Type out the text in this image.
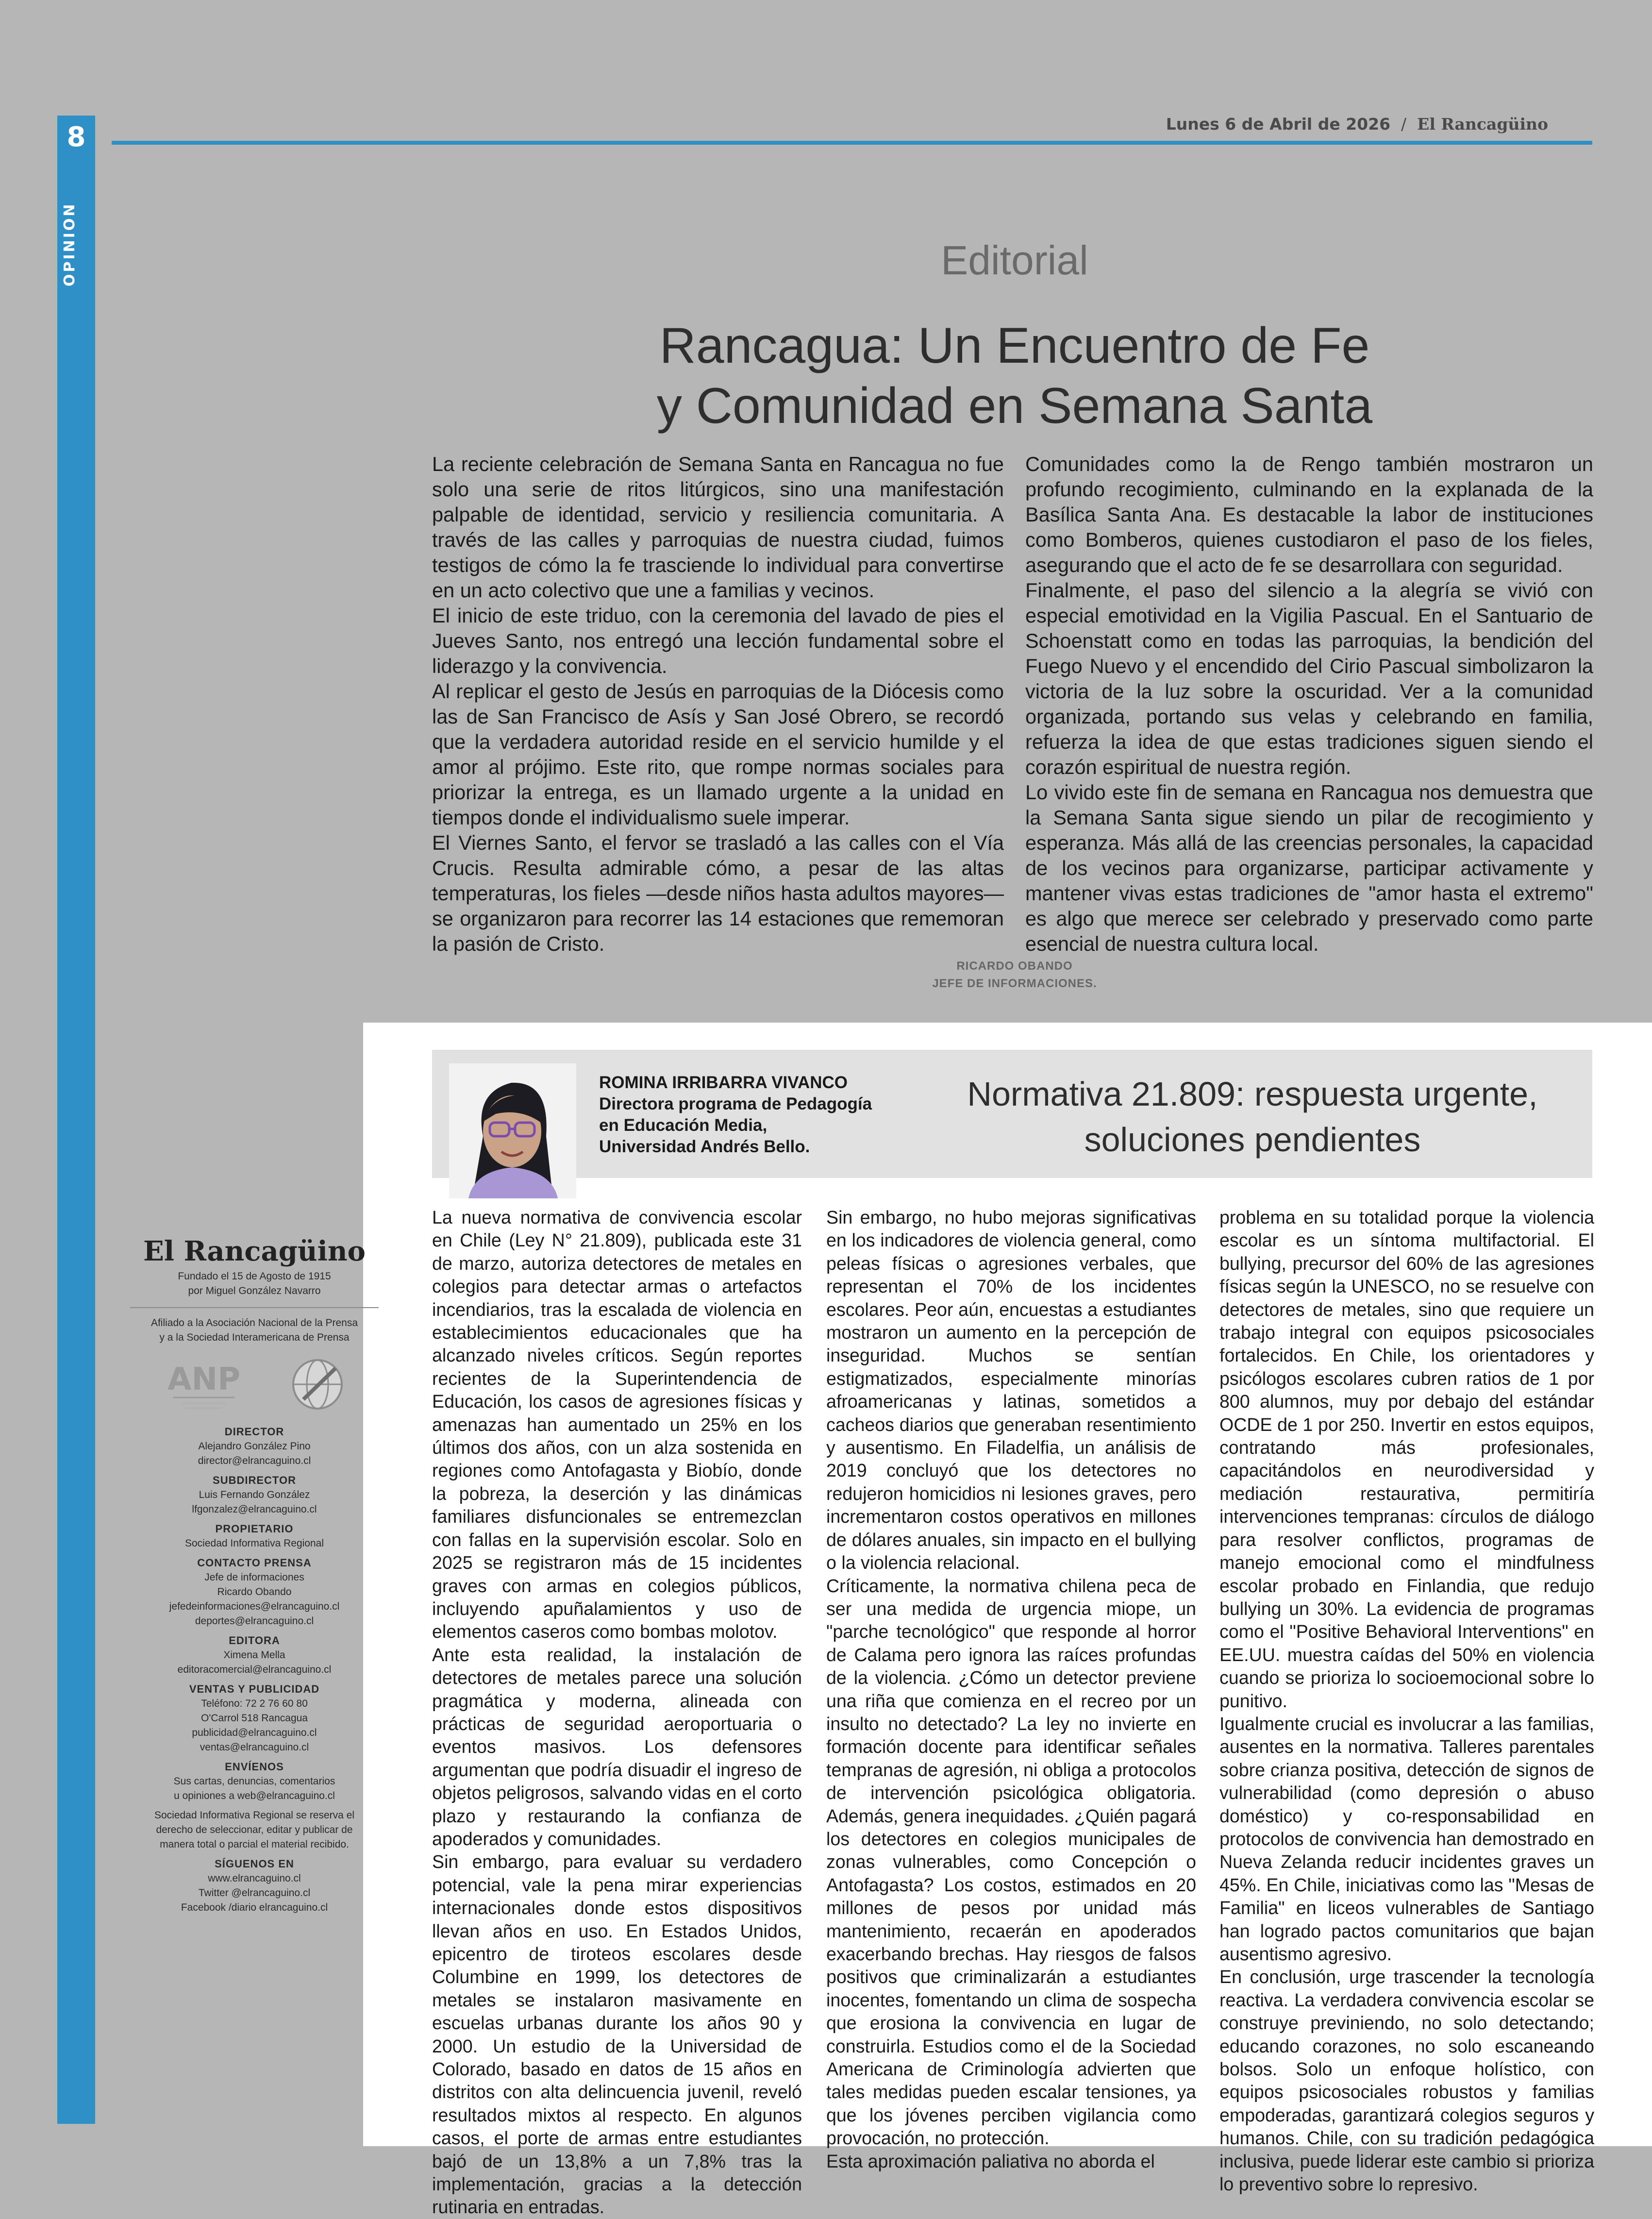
8	Lunes 6 de Abril de 2026 / El Rancagüino
Editorial
Rancagua: Un Encuentro de Fe
y Comunidad en Semana Santa

La reciente celebración de Semana Santa en Rancagua no fue solo una serie de ritos litúrgicos, sino una manifestación palpable de identidad, servicio y resiliencia comunitaria. A través de las calles y parroquias de nuestra ciudad, fuimos testigos de cómo la fe trasciende lo individual para convertirse en un acto colectivo que une a familias y vecinos.

El inicio de este triduo, con la ceremonia del lavado de pies el Jueves Santo, nos entregó una lección fundamental sobre el liderazgo y la convivencia.

Al replicar el gesto de Jesús en parroquias de la Diócesis como las de San Francisco de Asís y San José Obrero, se recordó que la verdadera autoridad reside en el servicio humilde y el amor al prójimo. Este rito, que rompe normas sociales para priorizar la entrega, es un llamado urgente a la unidad en tiempos donde el individualismo suele imperar.

El Viernes Santo, el fervor se trasladó a las calles con el Vía Crucis. Resulta admirable cómo, a pesar de las altas temperaturas, los fieles —desde niños hasta adultos mayores— se organizaron para recorrer las 14 estaciones que rememoran la pasión de Cristo.

Comunidades como la de Rengo también mostraron un profundo recogimiento, culminando en la explanada de la Basílica Santa Ana. Es destacable la labor de instituciones como Bomberos, quienes custodiaron el paso de los fieles, asegurando que el acto de fe se desarrollara con seguridad.

Finalmente, el paso del silencio a la alegría se vivió con especial emotividad en la Vigilia Pascual. En el Santuario de Schoenstatt como en todas las parroquias, la bendición del Fuego Nuevo y el encendido del Cirio Pascual simbolizaron la victoria de la luz sobre la oscuridad. Ver a la comunidad organizada, portando sus velas y celebrando en familia, refuerza la idea de que estas tradiciones siguen siendo el corazón espiritual de nuestra región.

Lo vivido este fin de semana en Rancagua nos demuestra que la Semana Santa sigue siendo un pilar de recogimiento y esperanza. Más allá de las creencias personales, la capacidad de los vecinos para organizarse, participar activamente y mantener vivas estas tradiciones de "amor hasta el extremo" es algo que merece ser celebrado y preservado como parte esencial de nuestra cultura local.

RICARDO OBANDO
JEFE DE INFORMACIONES.
ROMINA IRRIBARRA VIVANCO
Directora programa de Pedagogía
en Educación Media,
Universidad Andrés Bello.
Normativa 21.809: respuesta urgente,
soluciones pendientes

La nueva normativa de convivencia escolar en Chile (Ley N° 21.809), publicada este 31 de marzo, autoriza detectores de metales en colegios para detectar armas o artefactos incendiarios, tras la escalada de violencia en establecimientos educacionales que ha alcanzado niveles críticos. Según reportes recientes de la Superintendencia de Educación, los casos de agresiones físicas y amenazas han aumentado un 25% en los últimos dos años, con un alza sostenida en regiones como Antofagasta y Biobío, donde la pobreza, la deserción y las dinámicas familiares disfuncionales se entremezclan con fallas en la supervisión escolar. Solo en 2025 se registraron más de 15 incidentes graves con armas en colegios públicos, incluyendo apuñalamientos y uso de elementos caseros como bombas molotov.

Ante esta realidad, la instalación de detectores de metales parece una solución pragmática y moderna, alineada con prácticas de seguridad aeroportuaria o eventos masivos. Los defensores argumentan que podría disuadir el ingreso de objetos peligrosos, salvando vidas en el corto plazo y restaurando la confianza de apoderados y comunidades.

Sin embargo, para evaluar su verdadero potencial, vale la pena mirar experiencias internacionales donde estos dispositivos llevan años en uso. En Estados Unidos, epicentro de tiroteos escolares desde Columbine en 1999, los detectores de metales se instalaron masivamente en escuelas urbanas durante los años 90 y 2000. Un estudio de la Universidad de Colorado, basado en datos de 15 años en distritos con alta delincuencia juvenil, reveló resultados mixtos al respecto. En algunos casos, el porte de armas entre estudiantes bajó de un 13,8% a un 7,8% tras la implementación, gracias a la detección rutinaria en entradas.

Sin embargo, no hubo mejoras significativas en los indicadores de violencia general, como peleas físicas o agresiones verbales, que representan el 70% de los incidentes escolares. Peor aún, encuestas a estudiantes mostraron un aumento en la percepción de inseguridad. Muchos se sentían estigmatizados, especialmente minorías afroamericanas y latinas, sometidos a cacheos diarios que generaban resentimiento y ausentismo. En Filadelfia, un análisis de 2019 concluyó que los detectores no redujeron homicidios ni lesiones graves, pero incrementaron costos operativos en millones de dólares anuales, sin impacto en el bullying o la violencia relacional.

Críticamente, la normativa chilena peca de ser una medida de urgencia miope, un "parche tecnológico" que responde al horror de Calama pero ignora las raíces profundas de la violencia. ¿Cómo un detector previene una riña que comienza en el recreo por un insulto no detectado? La ley no invierte en formación docente para identificar señales tempranas de agresión, ni obliga a protocolos de intervención psicológica obligatoria. Además, genera inequidades. ¿Quién pagará los detectores en colegios municipales de zonas vulnerables, como Concepción o Antofagasta? Los costos, estimados en 20 millones de pesos por unidad más mantenimiento, recaerán en apoderados exacerbando brechas. Hay riesgos de falsos positivos que criminalizarán a estudiantes inocentes, fomentando un clima de sospecha que erosiona la convivencia en lugar de construirla. Estudios como el de la Sociedad Americana de Criminología advierten que tales medidas pueden escalar tensiones, ya que los jóvenes perciben vigilancia como provocación, no protección.

Esta aproximación paliativa no aborda el

problema en su totalidad porque la violencia escolar es un síntoma multifactorial. El bullying, precursor del 60% de las agresiones físicas según la UNESCO, no se resuelve con detectores de metales, sino que requiere un trabajo integral con equipos psicosociales fortalecidos. En Chile, los orientadores y psicólogos escolares cubren ratios de 1 por 800 alumnos, muy por debajo del estándar OCDE de 1 por 250. Invertir en estos equipos, contratando más profesionales, capacitándolos en neurodiversidad y mediación restaurativa, permitiría intervenciones tempranas: círculos de diálogo para resolver conflictos, programas de manejo emocional como el mindfulness escolar probado en Finlandia, que redujo bullying un 30%. La evidencia de programas como el "Positive Behavioral Interventions" en EE.UU. muestra caídas del 50% en violencia cuando se prioriza lo socioemocional sobre lo punitivo.

Igualmente crucial es involucrar a las familias, ausentes en la normativa. Talleres parentales sobre crianza positiva, detección de signos de vulnerabilidad (como depresión o abuso doméstico) y co-responsabilidad en protocolos de convivencia han demostrado en Nueva Zelanda reducir incidentes graves un 45%. En Chile, iniciativas como las "Mesas de Familia" en liceos vulnerables de Santiago han logrado pactos comunitarios que bajan ausentismo agresivo.

En conclusión, urge trascender la tecnología reactiva. La verdadera convivencia escolar se construye previniendo, no solo detectando; educando corazones, no solo escaneando bolsos. Solo un enfoque holístico, con equipos psicosociales robustos y familias empoderadas, garantizará colegios seguros y humanos. Chile, con su tradición pedagógica inclusiva, puede liderar este cambio si prioriza lo preventivo sobre lo represivo.

El Rancagüino
Fundado el 15 de Agosto de 1915
por Miguel González Navarro
Afiliado a la Asociación Nacional de la Prensa
y a la Sociedad Interamericana de Prensa
ANP
DIRECTOR
Alejandro González Pino
director@elrancaguino.cl
SUBDIRECTOR
Luis Fernando González
lfgonzalez@elrancaguino.cl
PROPIETARIO
Sociedad Informativa Regional
CONTACTO PRENSA
Jefe de informaciones
Ricardo Obando
jefedeinformaciones@elrancaguino.cl
deportes@elrancaguino.cl
EDITORA
Ximena Mella
editoracomercial@elrancaguino.cl
VENTAS Y PUBLICIDAD
Teléfono: 72 2 76 60 80
O'Carrol 518 Rancagua
publicidad@elrancaguino.cl
ventas@elrancaguino.cl
ENVÍENOS
Sus cartas, denuncias, comentarios
u opiniones a web@elrancaguino.cl
Sociedad Informativa Regional se reserva el
derecho de seleccionar, editar y publicar de
manera total o parcial el material recibido.
SÍGUENOS EN
www.elrancaguino.cl
Twitter @elrancaguino.cl
Facebook /diario elrancaguino.cl
